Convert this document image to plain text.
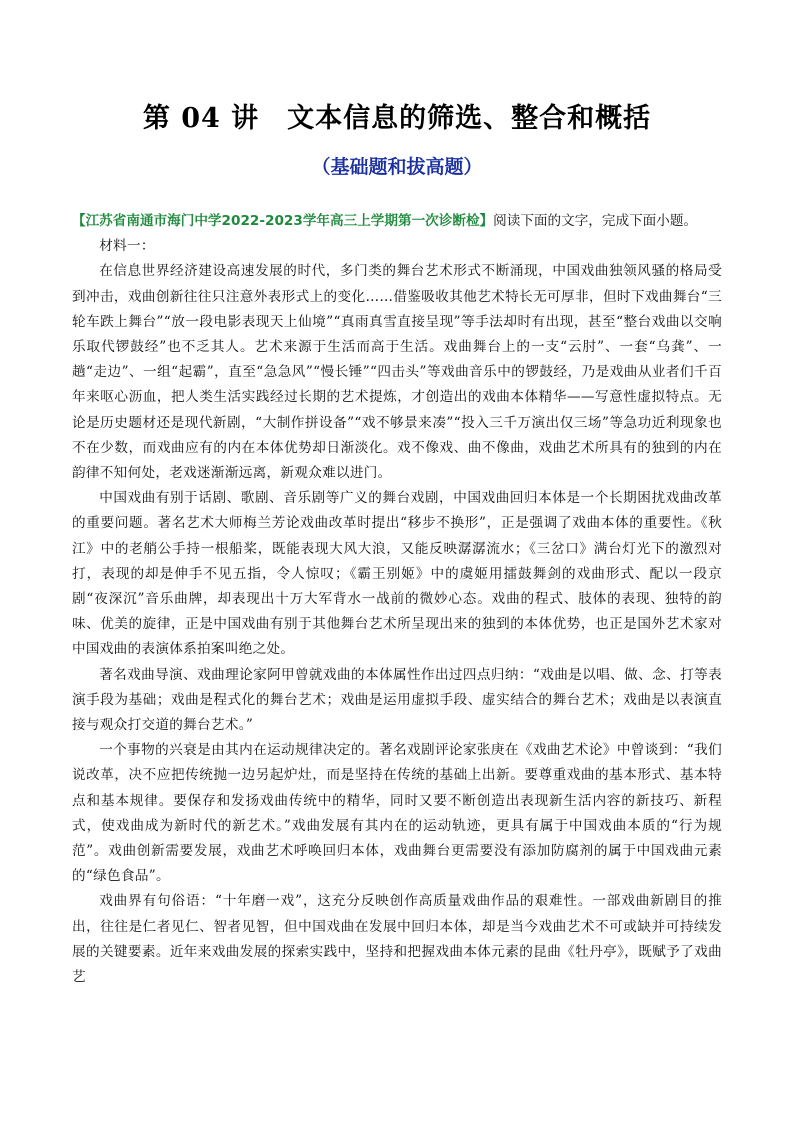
第 04 讲　文本信息的筛选、整合和概括
（基础题和拔高题）

【江苏省南通市海门中学2022-2023学年高三上学期第一次诊断检】阅读下面的文字，完成下面小题。

材料一：

在信息世界经济建设高速发展的时代，多门类的舞台艺术形式不断涌现，中国戏曲独领风骚的格局受到冲击，戏曲创新往往只注意外表形式上的变化……借鉴吸收其他艺术特长无可厚非，但时下戏曲舞台“三轮车跌上舞台”“放一段电影表现天上仙境”“真雨真雪直接呈现”等手法却时有出现，甚至“整台戏曲以交响乐取代锣鼓经”也不乏其人。艺术来源于生活而高于生活。戏曲舞台上的一支“云肘”、一套“乌龚”、一趟“走边”、一组“起霸”，直至“急急风”“慢长锤”“四击头”等戏曲音乐中的锣鼓经，乃是戏曲从业者们千百年来呕心沥血，把人类生活实践经过长期的艺术提炼，才创造出的戏曲本体精华——写意性虚拟特点。无论是历史题材还是现代新剧，“大制作拼设备”“戏不够景来凑”“投入三千万演出仅三场”等急功近利现象也不在少数，而戏曲应有的内在本体优势却日渐淡化。戏不像戏、曲不像曲，戏曲艺术所具有的独到的内在韵律不知何处，老戏迷渐渐远离，新观众难以进门。

中国戏曲有别于话剧、歌剧、音乐剧等广义的舞台戏剧，中国戏曲回归本体是一个长期困扰戏曲改革的重要问题。著名艺术大师梅兰芳论戏曲改革时提出“移步不换形”，正是强调了戏曲本体的重要性。《秋江》中的老艄公手持一根船桨，既能表现大风大浪，又能反映潺潺流水；《三岔口》满台灯光下的激烈对打，表现的却是伸手不见五指，令人惊叹；《霸王别姬》中的虞姬用擂鼓舞剑的戏曲形式、配以一段京剧“夜深沉”音乐曲牌，却表现出十万大军背水一战前的微妙心态。戏曲的程式、肢体的表现、独特的韵味、优美的旋律，正是中国戏曲有别于其他舞台艺术所呈现出来的独到的本体优势，也正是国外艺术家对中国戏曲的表演体系拍案叫绝之处。

著名戏曲导演、戏曲理论家阿甲曾就戏曲的本体属性作出过四点归纳：“戏曲是以唱、做、念、打等表演手段为基础；戏曲是程式化的舞台艺术；戏曲是运用虚拟手段、虚实结合的舞台艺术；戏曲是以表演直接与观众打交道的舞台艺术。”

一个事物的兴衰是由其内在运动规律决定的。著名戏剧评论家张庚在《戏曲艺术论》中曾谈到：“我们说改革，决不应把传统抛一边另起炉灶，而是坚持在传统的基础上出新。要尊重戏曲的基本形式、基本特点和基本规律。要保存和发扬戏曲传统中的精华，同时又要不断创造出表现新生活内容的新技巧、新程式，使戏曲成为新时代的新艺术。”戏曲发展有其内在的运动轨迹，更具有属于中国戏曲本质的“行为规范”。戏曲创新需要发展，戏曲艺术呼唤回归本体，戏曲舞台更需要没有添加防腐剂的属于中国戏曲元素的“绿色食品”。

戏曲界有句俗语：“十年磨一戏”，这充分反映创作高质量戏曲作品的艰难性。一部戏曲新剧目的推出，往往是仁者见仁、智者见智，但中国戏曲在发展中回归本体，却是当今戏曲艺术不可或缺并可持续发展的关键要素。近年来戏曲发展的探索实践中，坚持和把握戏曲本体元素的昆曲《牡丹亭》，既赋予了戏曲艺
